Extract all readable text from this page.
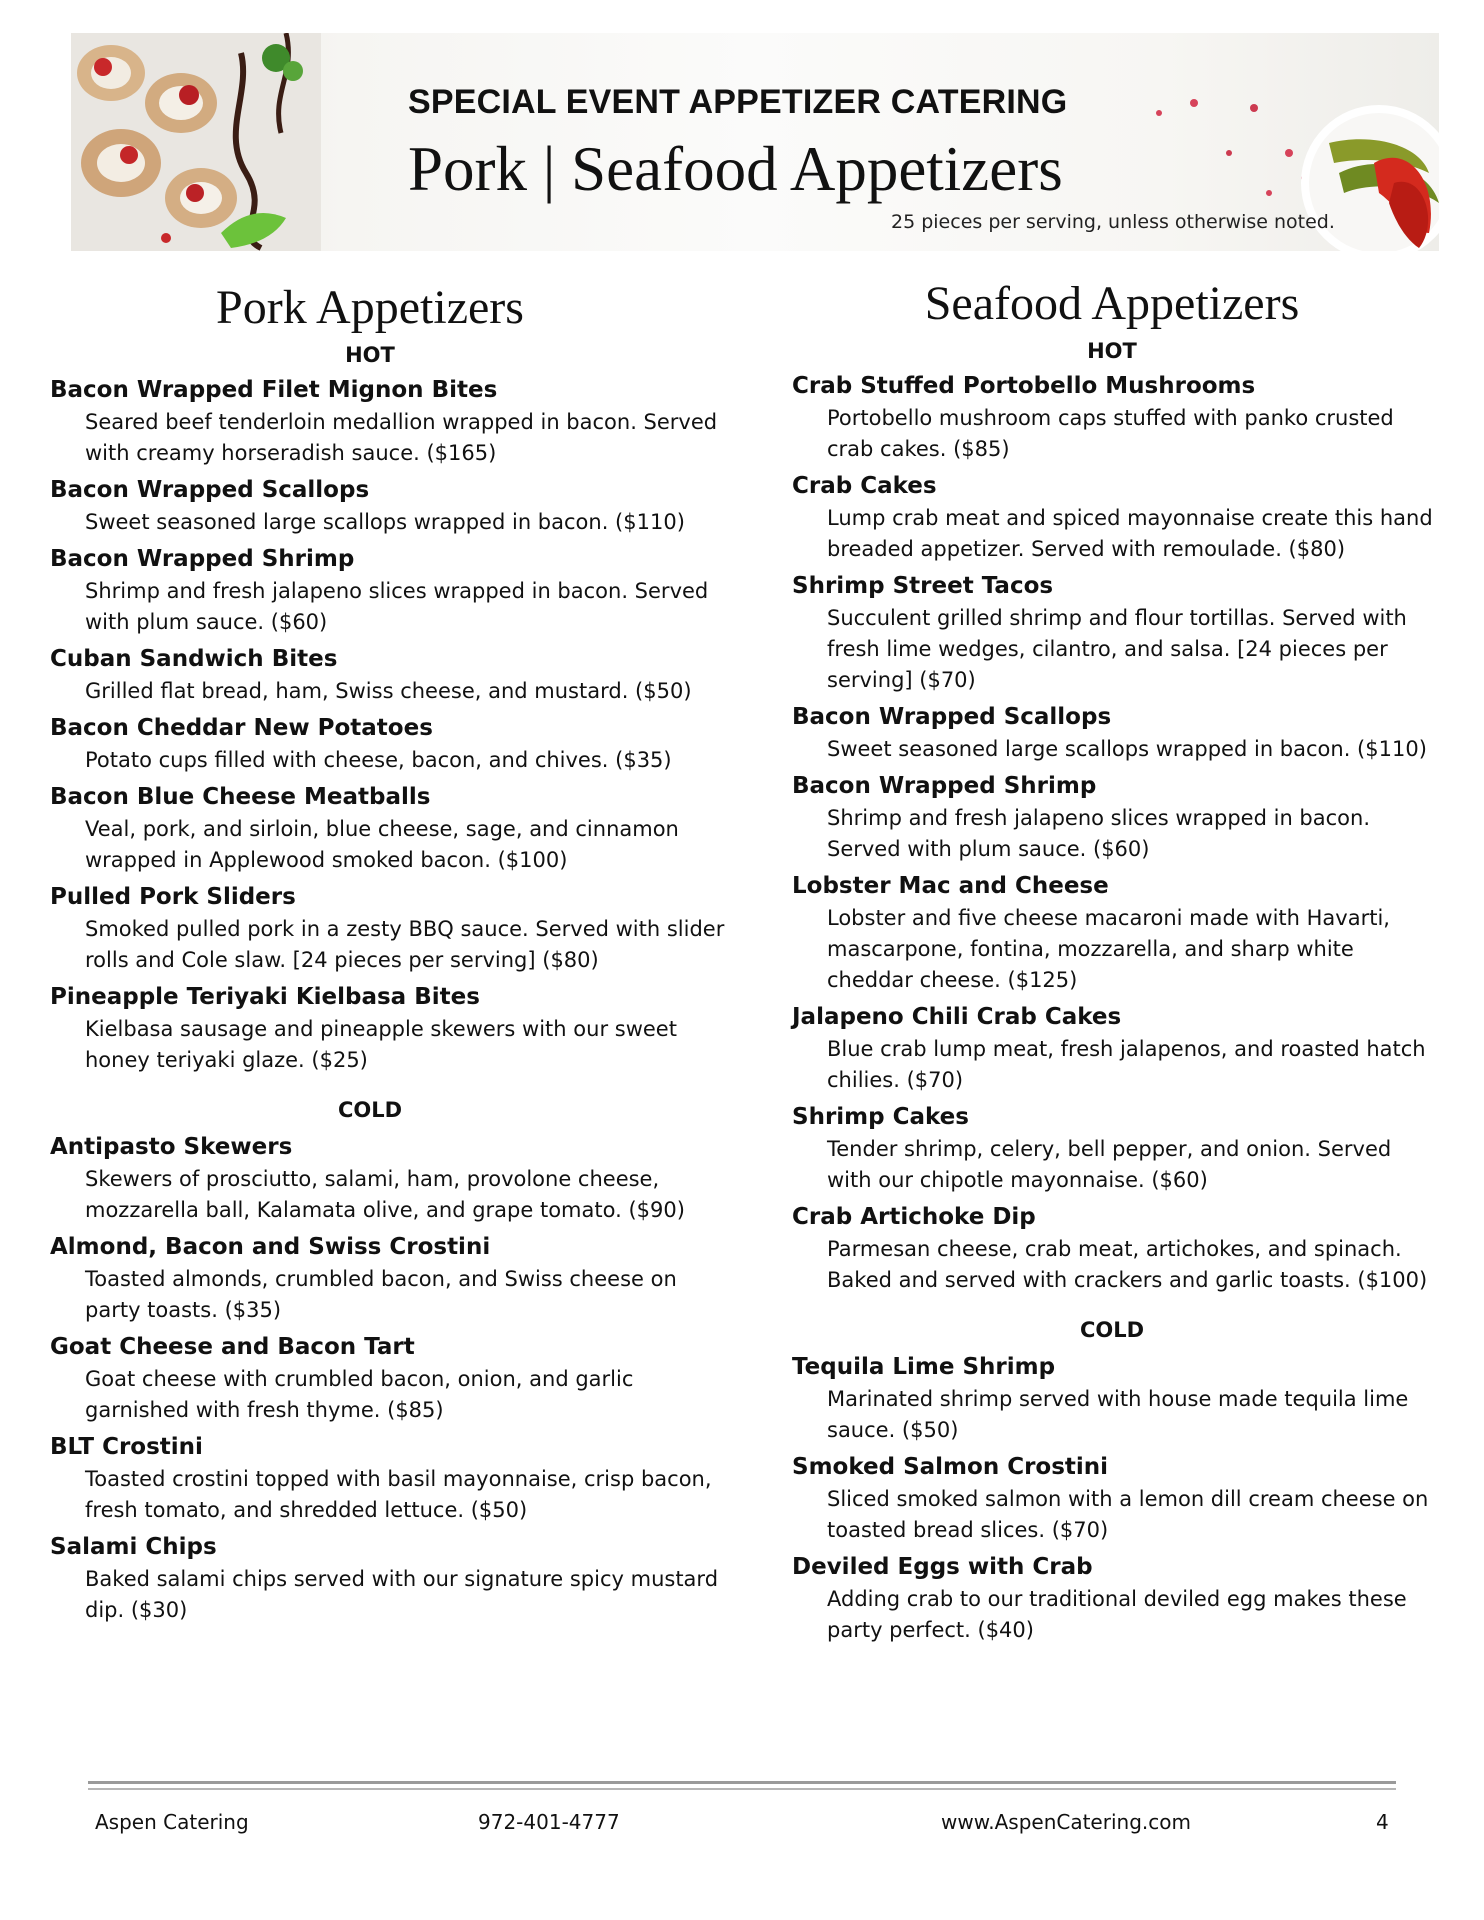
SPECIAL EVENT APPETIZER CATERING
Pork | Seafood Appetizers
25 pieces per serving, unless otherwise noted.
Pork Appetizers
HOT
Bacon Wrapped Filet Mignon Bites
Seared beef tenderloin medallion wrapped in bacon. Served with creamy horseradish sauce. ($165)
Bacon Wrapped Scallops
Sweet seasoned large scallops wrapped in bacon. ($110)
Bacon Wrapped Shrimp
Shrimp and fresh jalapeno slices wrapped in bacon. Served with plum sauce. ($60)
Cuban Sandwich Bites
Grilled flat bread, ham, Swiss cheese, and mustard. ($50)
Bacon Cheddar New Potatoes
Potato cups filled with cheese, bacon, and chives. ($35)
Bacon Blue Cheese Meatballs
Veal, pork, and sirloin, blue cheese, sage, and cinnamon wrapped in Applewood smoked bacon. ($100)
Pulled Pork Sliders
Smoked pulled pork in a zesty BBQ sauce. Served with slider rolls and Cole slaw. [24 pieces per serving] ($80)
Pineapple Teriyaki Kielbasa Bites
Kielbasa sausage and pineapple skewers with our sweet honey teriyaki glaze. ($25)
COLD
Antipasto Skewers
Skewers of prosciutto, salami, ham, provolone cheese, mozzarella ball, Kalamata olive, and grape tomato. ($90)
Almond, Bacon and Swiss Crostini
Toasted almonds, crumbled bacon, and Swiss cheese on party toasts. ($35)
Goat Cheese and Bacon Tart
Goat cheese with crumbled bacon, onion, and garlic garnished with fresh thyme. ($85)
BLT Crostini
Toasted crostini topped with basil mayonnaise, crisp bacon, fresh tomato, and shredded lettuce. ($50)
Salami Chips
Baked salami chips served with our signature spicy mustard dip. ($30)
Seafood Appetizers
HOT
Crab Stuffed Portobello Mushrooms
Portobello mushroom caps stuffed with panko crusted crab cakes. ($85)
Crab Cakes
Lump crab meat and spiced mayonnaise create this hand breaded appetizer. Served with remoulade. ($80)
Shrimp Street Tacos
Succulent grilled shrimp and flour tortillas. Served with fresh lime wedges, cilantro, and salsa. [24 pieces per serving] ($70)
Bacon Wrapped Scallops
Sweet seasoned large scallops wrapped in bacon. ($110)
Bacon Wrapped Shrimp
Shrimp and fresh jalapeno slices wrapped in bacon. Served with plum sauce. ($60)
Lobster Mac and Cheese
Lobster and five cheese macaroni made with Havarti, mascarpone, fontina, mozzarella, and sharp white cheddar cheese. ($125)
Jalapeno Chili Crab Cakes
Blue crab lump meat, fresh jalapenos, and roasted hatch chilies. ($70)
Shrimp Cakes
Tender shrimp, celery, bell pepper, and onion. Served with our chipotle mayonnaise. ($60)
Crab Artichoke Dip
Parmesan cheese, crab meat, artichokes, and spinach. Baked and served with crackers and garlic toasts. ($100)
COLD
Tequila Lime Shrimp
Marinated shrimp served with house made tequila lime sauce. ($50)
Smoked Salmon Crostini
Sliced smoked salmon with a lemon dill cream cheese on toasted bread slices. ($70)
Deviled Eggs with Crab
Adding crab to our traditional deviled egg makes these party perfect. ($40)
Aspen Catering	972-401-4777	www.AspenCatering.com	4
